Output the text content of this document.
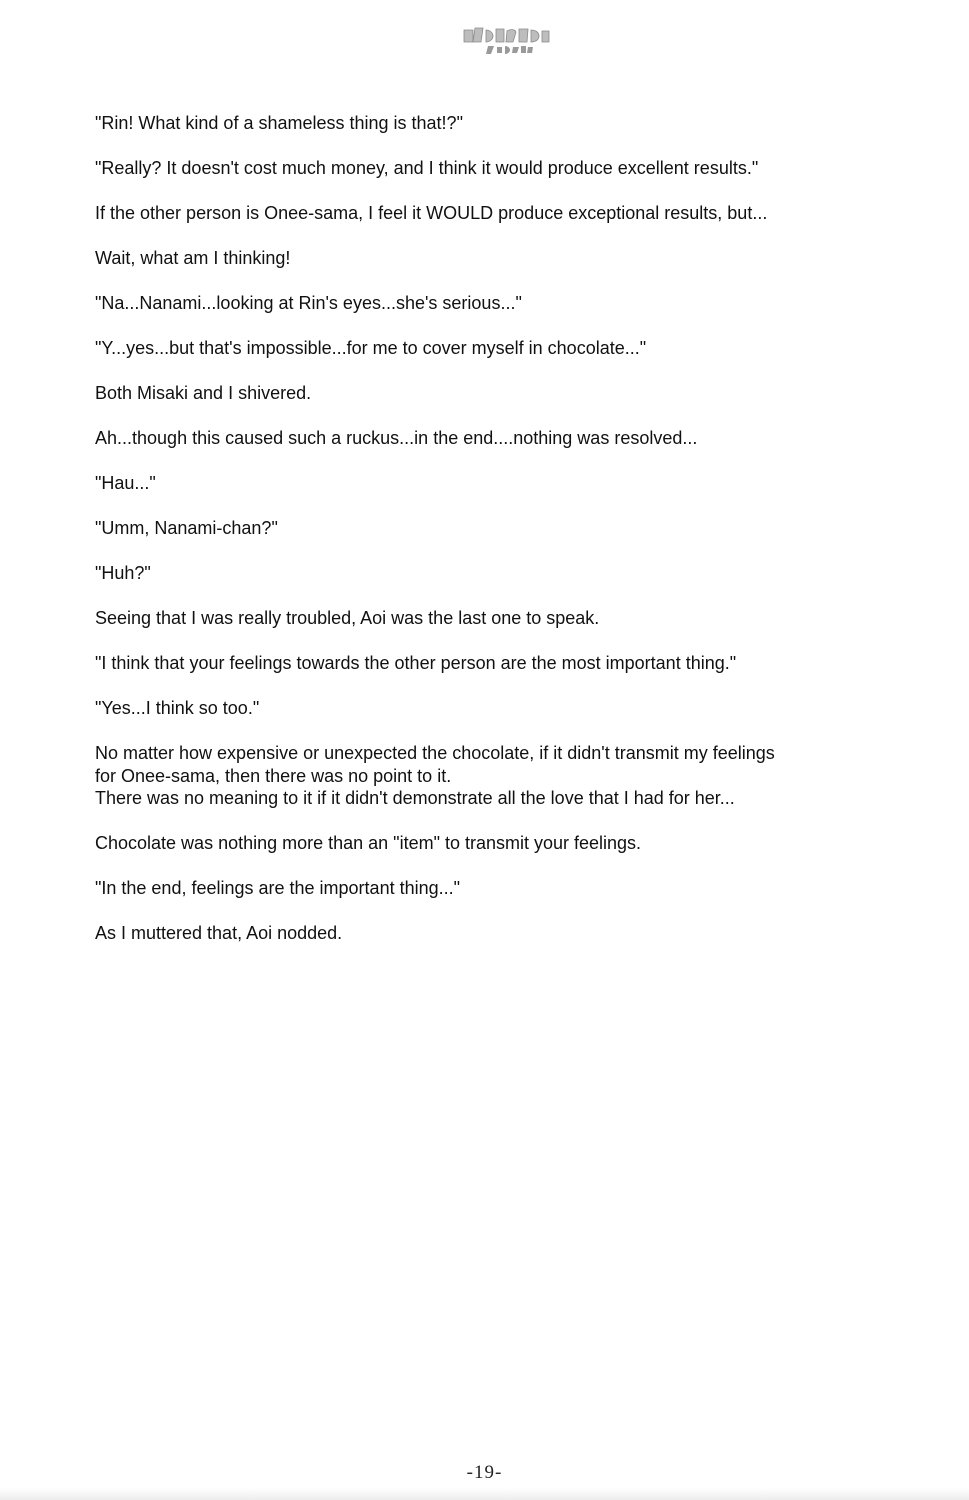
"Rin! What kind of a shameless thing is that!?"

"Really? It doesn't cost much money, and I think it would produce excellent results."

If the other person is Onee-sama, I feel it WOULD produce exceptional results, but...

Wait, what am I thinking!

"Na...Nanami...looking at Rin's eyes...she's serious..."

"Y...yes...but that's impossible...for me to cover myself in chocolate..."

Both Misaki and I shivered.

Ah...though this caused such a ruckus...in the end....nothing was resolved...

"Hau..."

"Umm, Nanami-chan?"

"Huh?"

Seeing that I was really troubled, Aoi was the last one to speak.

"I think that your feelings towards the other person are the most important thing."

"Yes...I think so too."

No matter how expensive or unexpected the chocolate, if it didn't transmit my feelings
for Onee-sama, then there was no point to it.
There was no meaning to it if it didn't demonstrate all the love that I had for her...

Chocolate was nothing more than an "item" to transmit your feelings.

"In the end, feelings are the important thing..."

As I muttered that, Aoi nodded.

-19-
